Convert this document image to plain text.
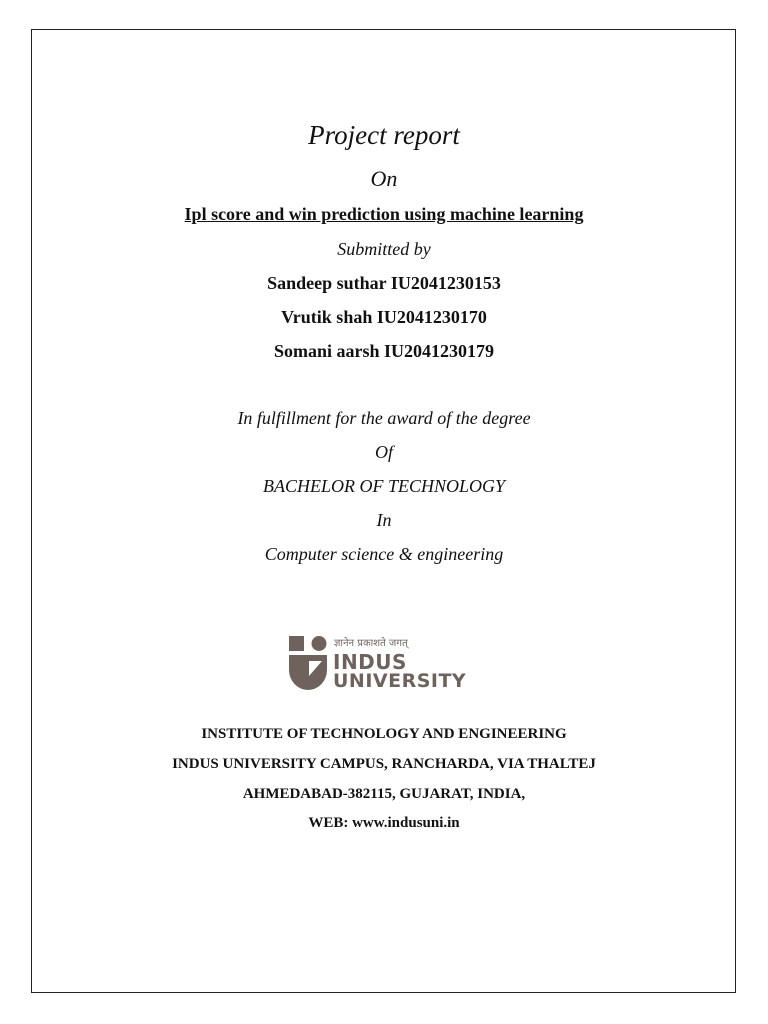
Project report
On
Ipl score and win prediction using machine learning
Submitted by
Sandeep suthar IU2041230153
Vrutik shah IU2041230170
Somani aarsh IU2041230179
In fulfillment for the award of the degree
Of
BACHELOR OF TECHNOLOGY
In
Computer science & engineering
ज्ञानेन प्रकाशते जगत्
INDUS
UNIVERSITY
INSTITUTE OF TECHNOLOGY AND ENGINEERING
INDUS UNIVERSITY CAMPUS, RANCHARDA, VIA THALTEJ
AHMEDABAD-382115, GUJARAT, INDIA,
WEB: www.indusuni.in
